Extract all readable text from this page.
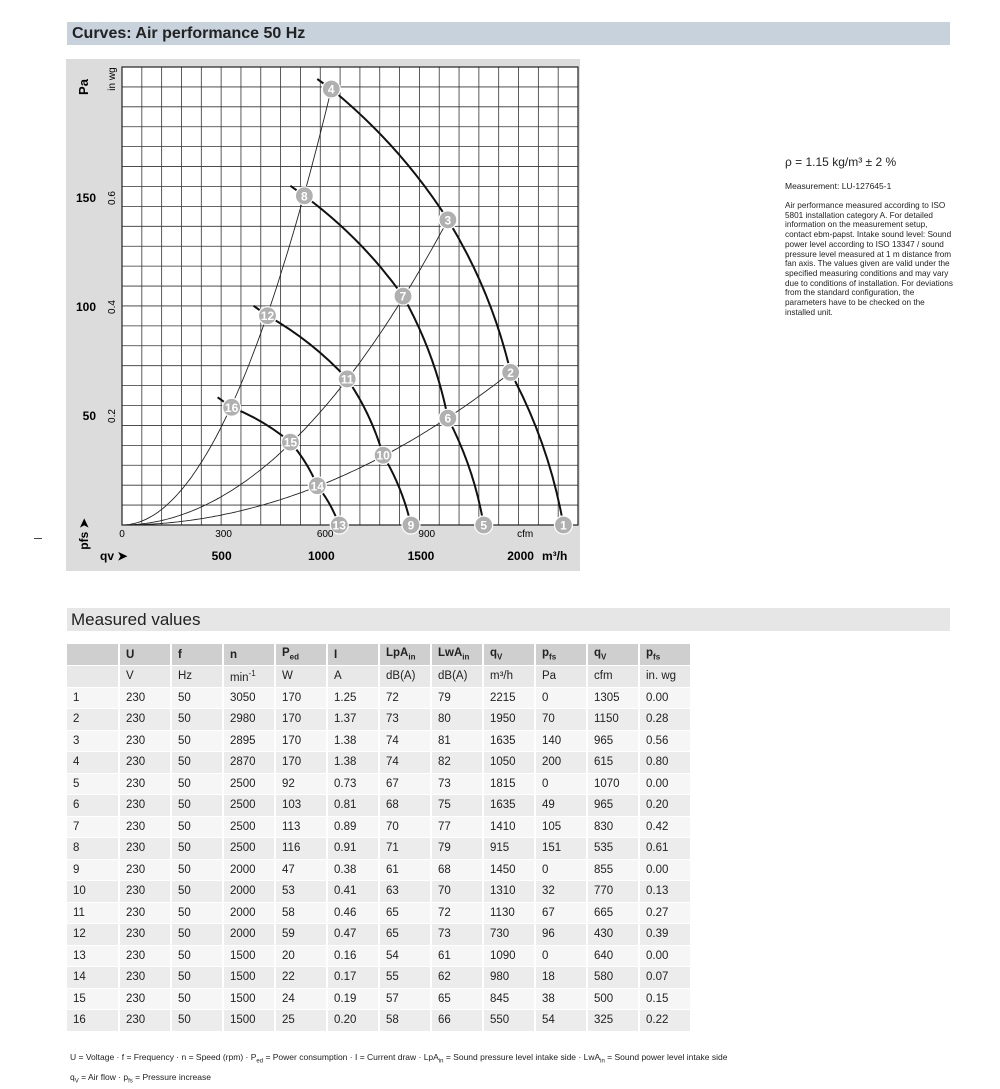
Curves: Air performance 50 Hz
1
2
3
4
5
6
7
8
9
10
11
12
13
14
15
16
Pa in wg
50
100
150
0.2
0.4
0.6
pfs ➤	0	300	600	900	cfm
qv ➤	500	1000	1500	2000 m³/h
ρ = 1.15 kg/m³ ± 2 %
Measurement: LU-127645-1
Air performance measured according to ISO 5801 installation category A. For detailed information on the measurement setup, contact ebm-papst. Intake sound level: Sound power level according to ISO 13347 / sound pressure level measured at 1 m distance from fan axis. The values given are valid under the specified measuring conditions and may vary due to conditions of installation. For deviations from the standard configuration, the parameters have to be checked on the installed unit.
Measured values
	U	f	n	$P_{ed}$	I	LpA$_{in}$	LwA$_{in}$	$q_V$	$p_{fs}$	$q_V$	$p_{fs}$
	V	Hz	$\min^{-1}$	W	A	dB(A)	dB(A)	m³/h	Pa	cfm	in. wg
1	230	50	3050	170	1.25	72	79	2215	0	1305	0.00
2	230	50	2980	170	1.37	73	80	1950	70	1150	0.28
3	230	50	2895	170	1.38	74	81	1635	140	965	0.56
4	230	50	2870	170	1.38	74	82	1050	200	615	0.80
5	230	50	2500	92	0.73	67	73	1815	0	1070	0.00
6	230	50	2500	103	0.81	68	75	1635	49	965	0.20
7	230	50	2500	113	0.89	70	77	1410	105	830	0.42
8	230	50	2500	116	0.91	71	79	915	151	535	0.61
9	230	50	2000	47	0.38	61	68	1450	0	855	0.00
10	230	50	2000	53	0.41	63	70	1310	32	770	0.13
11	230	50	2000	58	0.46	65	72	1130	67	665	0.27
12	230	50	2000	59	0.47	65	73	730	96	430	0.39
13	230	50	1500	20	0.16	54	61	1090	0	640	0.00
14	230	50	1500	22	0.17	55	62	980	18	580	0.07
15	230	50	1500	24	0.19	57	65	845	38	500	0.15
16	230	50	1500	25	0.20	58	66	550	54	325	0.22
U = Voltage · f = Frequency · n = Speed $(rpm) \cdot P_{ed}$ = Power consumption · I = Current draw · LpA$_{in}$ = Sound pressure level intake side · LwA$_{in}$ = Sound power level intake side
$q_V$ = Air flow · $p_{fs}$ = Pressure increase
